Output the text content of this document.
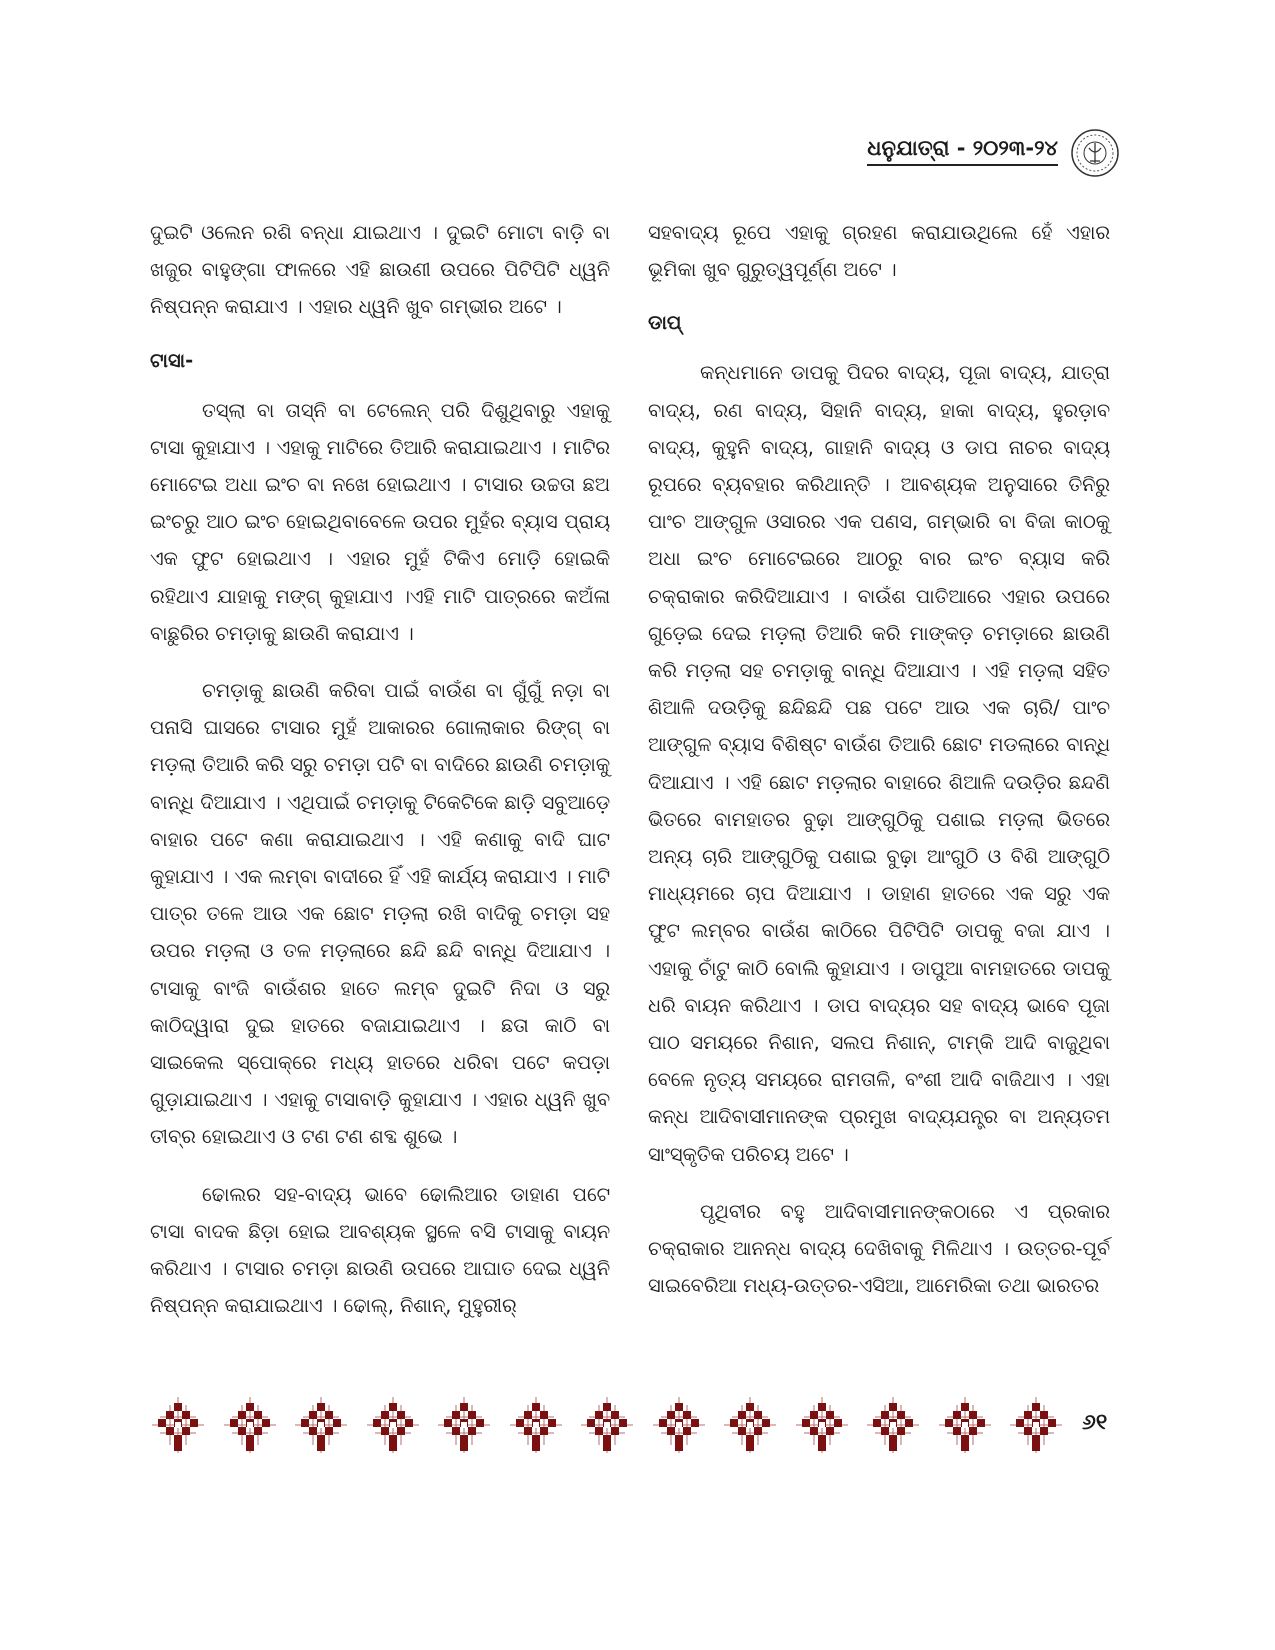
ଧନୁଯାତ୍ରା - ୨୦୨୩-୨୪

ଦୁଇଟି ଓଲେନ ରଶି ବନ୍ଧା ଯାଇଥାଏ । ଦୁଇଟି ମୋଟା ବାଡ଼ି ବା ଖଜୁର ବାହୁଙ୍ଗା ଫାଳରେ ଏହି ଛାଉଣୀ ଉପରେ ପିଟିପିଟି ଧ୍ୱନି ନିଷ୍ପନ୍ନ କରାଯାଏ । ଏହାର ଧ୍ୱନି ଖୁବ ଗମ୍ଭୀର ଅଟେ ।

ଟାସା-

ତସ୍‌ଲା ବା ତାସ୍‌ନି ବା ଟେଲେନ୍ ପରି ଦିଶୁଥିବାରୁ ଏହାକୁ ଟାସା କୁହାଯାଏ । ଏହାକୁ ମାଟିରେ ତିଆରି କରାଯାଇଥାଏ । ମାଟିର ମୋଟେଇ ଅଧା ଇଂଚ ବା ନଖେ ହୋଇଥାଏ । ଟାସାର ଉଚ୍ଚତା ଛଅ ଇଂଚରୁ ଆଠ ଇଂଚ ହୋଇଥିବାବେଳେ ଉପର ମୁହଁର ବ୍ୟାସ ପ୍ରାୟ ଏକ ଫୁଟ ହୋଇଥାଏ । ଏହାର ମୁହଁ ଟିକିଏ ମୋଡ଼ି ହୋଇକି ରହିଥାଏ ଯାହାକୁ ମଙ୍ଗ୍ କୁହାଯାଏ ।ଏହି ମାଟି ପାତ୍ରରେ କଅଁଳା ବାଛୁରିର ଚମଡ଼ାକୁ ଛାଉଣି କରାଯାଏ ।

ଚମଡ଼ାକୁ ଛାଉଣି କରିବା ପାଇଁ ବାଉଁଶ ବା ଗୁଁଗୁଁ ନଡ଼ା ବା ପନାସି ଘାସରେ ଟାସାର ମୁହଁ ଆକାରର ଗୋଲାକାର ରିଙ୍ଗ୍ ବା ମଡ଼ଲା ତିଆରି କରି ସରୁ ଚମଡ଼ା ପଟି ବା ବାଦିରେ ଛାଉଣି ଚମଡ଼ାକୁ ବାନ୍ଧି ଦିଆଯାଏ । ଏଥିପାଇଁ ଚମଡ଼ାକୁ ଟିକେଟିକେ ଛାଡ଼ି ସବୁଆଡ଼େ ବାହାର ପଟେ କଣା କରାଯାଇଥାଏ । ଏହି କଣାକୁ ବାଦି ଘାଟ କୁହାଯାଏ । ଏକ ଲମ୍ବା ବାଦୀରେ ହିଁ ଏହି କାର୍ଯ୍ୟ କରାଯାଏ । ମାଟି ପାତ୍ର ତଳେ ଆଉ ଏକ ଛୋଟ ମଡ଼ଲା ରଖି ବାଦିକୁ ଚମଡ଼ା ସହ ଉପର ମଡ଼ଲା ଓ ତଳ ମଡ଼ଲାରେ ଛନ୍ଦି ଛନ୍ଦି ବାନ୍ଧି ଦିଆଯାଏ । ଟାସାକୁ ବାଂଜି ବାଉଁଶର ହାତେ ଲମ୍ବ ଦୁଇଟି ନିଦା ଓ ସରୁ କାଠିଦ୍ୱାରା ଦୁଇ ହାତରେ ବଜାଯାଇଥାଏ । ଛତା କାଠି ବା ସାଇକେଲ ସ୍ପୋକ୍‌ରେ ମଧ୍ୟ ହାତରେ ଧରିବା ପଟେ କପଡ଼ା ଗୁଡ଼ାଯାଇଥାଏ । ଏହାକୁ ଟାସାବାଡ଼ି କୁହାଯାଏ । ଏହାର ଧ୍ୱନି ଖୁବ ତୀବ୍ର ହୋଇଥାଏ ଓ ଟଣ ଟଣ ଶବ୍ଦ ଶୁଭେ ।

ଢୋଲର ସହ-ବାଦ୍ୟ ଭାବେ ଢୋଲିଆର ଡାହାଣ ପଟେ ଟାସା ବାଦକ ଛିଡ଼ା ହୋଇ ଆବଶ୍ୟକ ସ୍ଥଳେ ବସି ଟାସାକୁ ବାୟନ କରିଥାଏ । ଟାସାର ଚମଡ଼ା ଛାଉଣି ଉପରେ ଆଘାତ ଦେଇ ଧ୍ୱନି ନିଷ୍ପନ୍ନ କରାଯାଇଥାଏ । ଢୋଲ୍, ନିଶାନ୍, ମୁହୁରୀର୍

ସହବାଦ୍ୟ ରୂପେ ଏହାକୁ ଗ୍ରହଣ କରାଯାଉଥିଲେ ହେଁ ଏହାର ଭୂମିକା ଖୁବ ଗୁରୁତ୍ୱପୂର୍ଣ୍ଣ ଅଟେ ।

ଡାପ୍

କନ୍ଧମାନେ ଡାପକୁ ପିଦର ବାଦ୍ୟ, ପୂଜା ବାଦ୍ୟ, ଯାତ୍ରା ବାଦ୍ୟ, ରଣ ବାଦ୍ୟ, ସିହାନି ବାଦ୍ୟ, ହାକା ବାଦ୍ୟ, ହୁରଡ଼ାବ ବାଦ୍ୟ, କୁହୁନି ବାଦ୍ୟ, ଗାହାନି ବାଦ୍ୟ ଓ ଡାପ ନାଚର ବାଦ୍ୟ ରୂପରେ ବ୍ୟବହାର କରିଥାନ୍ତି । ଆବଶ୍ୟକ ଅନୁସାରେ ତିନିରୁ ପାଂଚ ଆଙ୍ଗୁଳ ଓସାରର ଏକ ପଣସ, ଗମ୍ଭାରି ବା ବିଜା କାଠକୁ ଅଧା ଇଂଚ ମୋଟେଇରେ ଆଠରୁ ବାର ଇଂଚ ବ୍ୟାସ କରି ଚକ୍ରାକାର କରିଦିଆଯାଏ । ବାଉଁଶ ପାତିଆରେ ଏହାର ଉପରେ ଗୁଡ଼େଇ ଦେଇ ମଡ଼ଲା ତିଆରି କରି ମାଙ୍କଡ଼ ଚମଡ଼ାରେ ଛାଉଣି କରି ମଡ଼ଲା ସହ ଚମଡ଼ାକୁ ବାନ୍ଧି ଦିଆଯାଏ । ଏହି ମଡ଼ଲା ସହିତ ଶିଆଳି ଦଉଡ଼ିକୁ ଛନ୍ଦିଛନ୍ଦି ପଛ ପଟେ ଆଉ ଏକ ଚାରି/ ପାଂଚ ଆଙ୍ଗୁଳ ବ୍ୟାସ ବିଶିଷ୍ଟ ବାଉଁଶ ତିଆରି ଛୋଟ ମଡଲାରେ ବାନ୍ଧି ଦିଆଯାଏ । ଏହି ଛୋଟ ମଡ଼ଲାର ବାହାରେ ଶିଆଳି ଦଉଡ଼ିର ଛନ୍ଦଣି ଭିତରେ ବାମହାତର ବୁଢ଼ା ଆଙ୍ଗୁଠିକୁ ପଶାଇ ମଡ଼ଲା ଭିତରେ ଅନ୍ୟ ଚାରି ଆଙ୍ଗୁଠିକୁ ପଶାଇ ବୁଢ଼ା ଆଂଗୁଠି ଓ ବିଶି ଆଙ୍ଗୁଠି ମାଧ୍ୟମରେ ଚାପ ଦିଆଯାଏ । ଡାହାଣ ହାତରେ ଏକ ସରୁ ଏକ ଫୁଟ ଲମ୍ବର ବାଉଁଶ କାଠିରେ ପିଟିପିଟି ଡାପକୁ ବଜା ଯାଏ । ଏହାକୁ ଚାଁଟୁ କାଠି ବୋଲି କୁହାଯାଏ । ଡାପୁଆ ବାମହାତରେ ଡାପକୁ ଧରି ବାୟନ କରିଥାଏ । ଡାପ ବାଦ୍ୟର ସହ ବାଦ୍ୟ ଭାବେ ପୂଜା ପାଠ ସମୟରେ ନିଶାନ, ସଲପ ନିଶାନ୍, ଟାମ୍‌କି ଆଦି ବାଜୁଥିବା ବେଳେ ନୃତ୍ୟ ସମୟରେ ରାମତାଳି, ବଂଶୀ ଆଦି ବାଜିଥାଏ । ଏହା କନ୍ଧ ଆଦିବାସୀମାନଙ୍କ ପ୍ରମୁଖ ବାଦ୍ୟଯନ୍ତ୍ର ବା ଅନ୍ୟତମ ସାଂସ୍କୃତିକ ପରିଚୟ ଅଟେ ।

ପୃଥିବୀର ବହୁ ଆଦିବାସୀମାନଙ୍କଠାରେ ଏ ପ୍ରକାର ଚକ୍ରାକାର ଆନନ୍ଧ ବାଦ୍ୟ ଦେଖିବାକୁ ମିଳିଥାଏ । ଉତ୍ତର-ପୂର୍ବ ସାଇବେରିଆ ମଧ୍ୟ-ଉତ୍ତର-ଏସିଆ, ଆମେରିକା ତଥା ଭାରତର

୬୧
